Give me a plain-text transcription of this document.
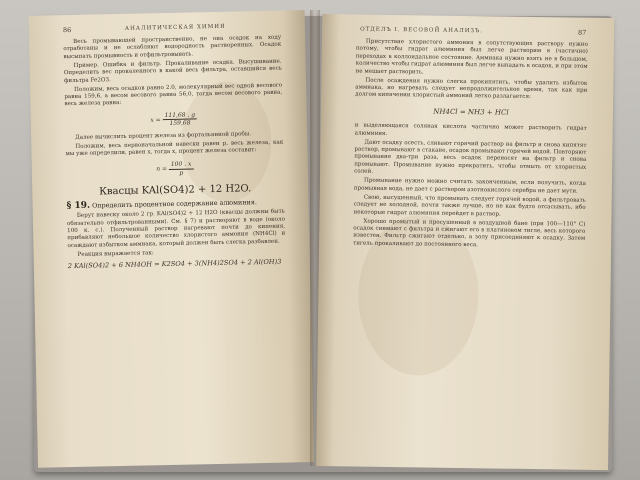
86	АНАЛИТИЧЕСКАЯ ХИМИЯ

Весь промывающей пространственно, не она осадок на ходу отработаны и не ослабляют водородность растворенных. Осадок высыпать промывность и отфильтровывать.

Пример. Ошибка и фильтр. Прокаливание осадка. Высушивание. Определить вес прокаленного в какой весь фильтра, оставшийся весь фильтра Fe2O3.

Положим, весь осадков равно 2.0, молекулярный вес одной весового равна 159,6, а весом весового равна 56,0, тогда весом весового равна, весь железа равна:

$x = \frac{111,68 . g}{159,68}$

Далее вычислить процент железа из фортальянной пробы.

Положим, весь первоначальной навески равен p, весь железа, как мы уже определили, равен x, тогда x, процент железа составит:

$n = \frac{100 . x}{p}$
Квасцы KAl(SO4)2 + 12 H2O.
§ 19. Определить процентное содержание алюминия.

Берут навеску около 2 гр. KAl(SO4)2 + 12 H2O (квасцы должны быть обязательно отфильтрованными). См. § 7) и растворяют в воде (около 100 к. с.). Полученный раствор нагревают почти до кипения, прибавляют небольшое количество хлористого аммония (NH4Cl) и осаждают избытком аммиака, который должен быть слегка разбавлен.

Реакция выражается так:

2 KAl(SO4)2 + 6 NH4OH = K2SO4 + 3(NH4)2SO4 + 2 Al(OH)3
ОТДЕЛЪ I. ВЕСОВОЙ АНАЛИЗЪ.	87

Присутствие хлористого аммония в сопутствующих раствору нужно потому, чтобы гидрат алюминия был легче растворим в (частично) переходах в коллоидальное состояние. Аммиака нужно взять не в большом, количество чтобы гидрат алюминия был легче выпадать в осадок, и при этом не мешает растворить.

После осаждения нужно слегка прокипятить, чтобы удалить избыток аммиака, но нагревать следует непродолжительное время, так как при долгом кипячении хлористый аммоний легко разлагается:

NH4Cl = NH3 + HCl

и выделяющаяся соляная кислота частично может растворить гидрат алюминия.

Дают осадку осесть, сливают горячий раствор на фильтр и снова кипятят раствор, промывают в стакане, осадок промывают горячей водой. Повторяют промывание два-три раза, весь осадок переносят на фильтр и снова промывают. Промывание нужно прекратить, чтобы отмыть от хлористых солей.

Промывание нужно можно считать законченным, если получить, когда промывная вода, не дает с раствором азотнокислого серебра не дает мути.

Свою, высушенный, что промывать следует горячей водой, а фильтровать следует не холодной, почти также лучше, но не как будто отсасывать, ибо некоторые гидрат алюминия перейдет в раствор.

Хорошо промытый и просушенный в воздушной бане (при 100—110° С) осадок снимают с фильтра и сжигают его в платиновом тигле, весь которого известен. Фильтр сжигают отдельно, а золу присоединяют к осадку. Затем тигель прокаливают до постоянного веса.
